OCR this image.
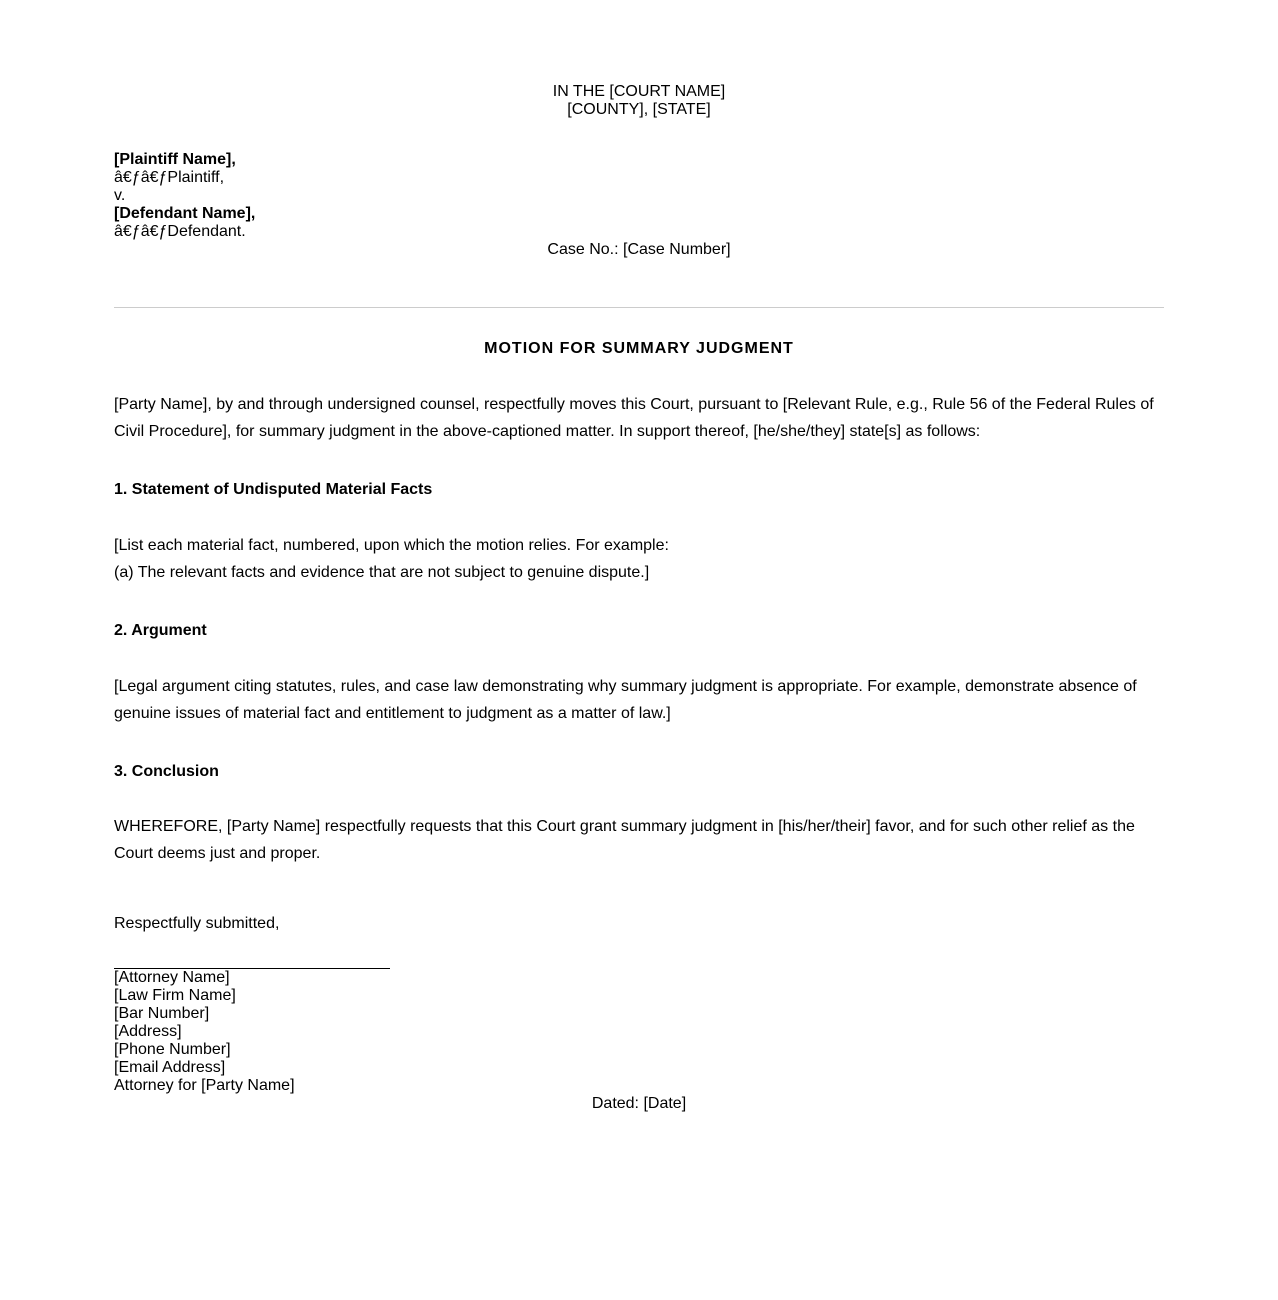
IN THE [COURT NAME]
[COUNTY], [STATE]
[Plaintiff Name],
â€ƒâ€ƒPlaintiff,
v.
[Defendant Name],
â€ƒâ€ƒDefendant.
Case No.: [Case Number]
MOTION FOR SUMMARY JUDGMENT
[Party Name], by and through undersigned counsel, respectfully moves this Court, pursuant to [Relevant Rule, e.g., Rule 56 of the Federal Rules of Civil Procedure], for summary judgment in the above-captioned matter. In support thereof, [he/she/they] state[s] as follows:
1. Statement of Undisputed Material Facts
[List each material fact, numbered, upon which the motion relies. For example:
(a) The relevant facts and evidence that are not subject to genuine dispute.]
2. Argument
[Legal argument citing statutes, rules, and case law demonstrating why summary judgment is appropriate. For example, demonstrate absence of genuine issues of material fact and entitlement to judgment as a matter of law.]
3. Conclusion
WHEREFORE, [Party Name] respectfully requests that this Court grant summary judgment in [his/her/their] favor, and for such other relief as the Court deems just and proper.
Respectfully submitted,
[Attorney Name]
[Law Firm Name]
[Bar Number]
[Address]
[Phone Number]
[Email Address]
Attorney for [Party Name]
Dated: [Date]
